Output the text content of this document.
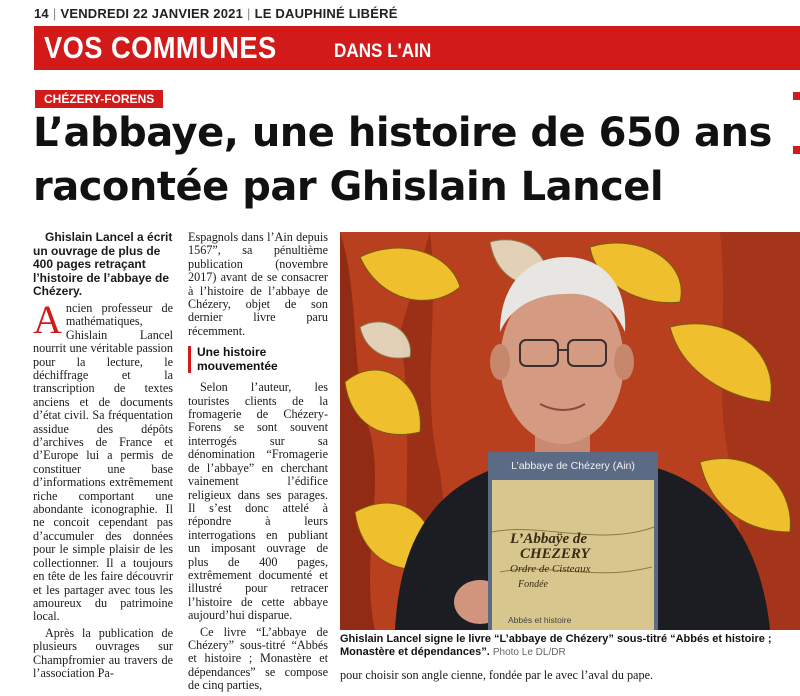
14 | VENDREDI 22 JANVIER 2021 | LE DAUPHINÉ LIBÉRÉ
VOS COMMUNES	DANS L'AIN
CHÉZERY-FORENS
L’abbaye, une histoire de 650 ans
racontée par Ghislain Lancel

Ghislain Lancel a écrit un ouvrage de plus de 400 pages retraçant l’histoire de l’abbaye de Chézery.

Ancien professeur de mathématiques, Ghislain Lancel nourrit une véritable passion pour la lecture, le déchiffrage et la transcription de textes anciens et de documents d’état civil. Sa fréquentation assidue des dépôts d’archives de France et d’Europe lui a permis de constituer une base d’informations extrêmement riche comportant une abondante iconographie. Il ne concoit cependant pas d’accumuler des données pour le simple plaisir de les collectionner. Il a toujours en tête de les faire découvrir et les partager avec tous les amoureux du patrimoine local.

Après la publication de plusieurs ouvrages sur Champfromier au travers de l’association Pa-

Espagnols dans l’Ain depuis 1567”, sa pénultième publication (novembre 2017) avant de se consacrer à l’histoire de l’abbaye de Chézery, objet de son dernier livre paru récemment.

Une histoire mouvementée

Selon l’auteur, les touristes clients de la fromagerie de Chézery-Forens se sont souvent interrogés sur sa dénomination “Fromagerie de l’abbaye” en cherchant vainement l’édifice religieux dans ses parages. Il s’est donc attelé à répondre à leurs interrogations en publiant un imposant ouvrage de plus de 400 pages, extrêmement documenté et illustré pour retracer l’histoire de cette abbaye aujourd’hui disparue.

Ce livre “L’abbaye de Chézery” sous-titré “Abbés et histoire ; Monastère et dépendances” se compose de cinq parties,

L’abbaye de Chézery (Ain)
L’Abbaÿe de
CHEZERY
Ordre de Cisteaux
Fondée
Abbés et histoire
Ghislain Lancel signe le livre “L’abbaye de Chézery” sous-titré “Abbés et histoire ; Monastère et dépendances”. Photo Le DL/DR
pour choisir son angle cienne, fondée par le avec l’aval du pape.
